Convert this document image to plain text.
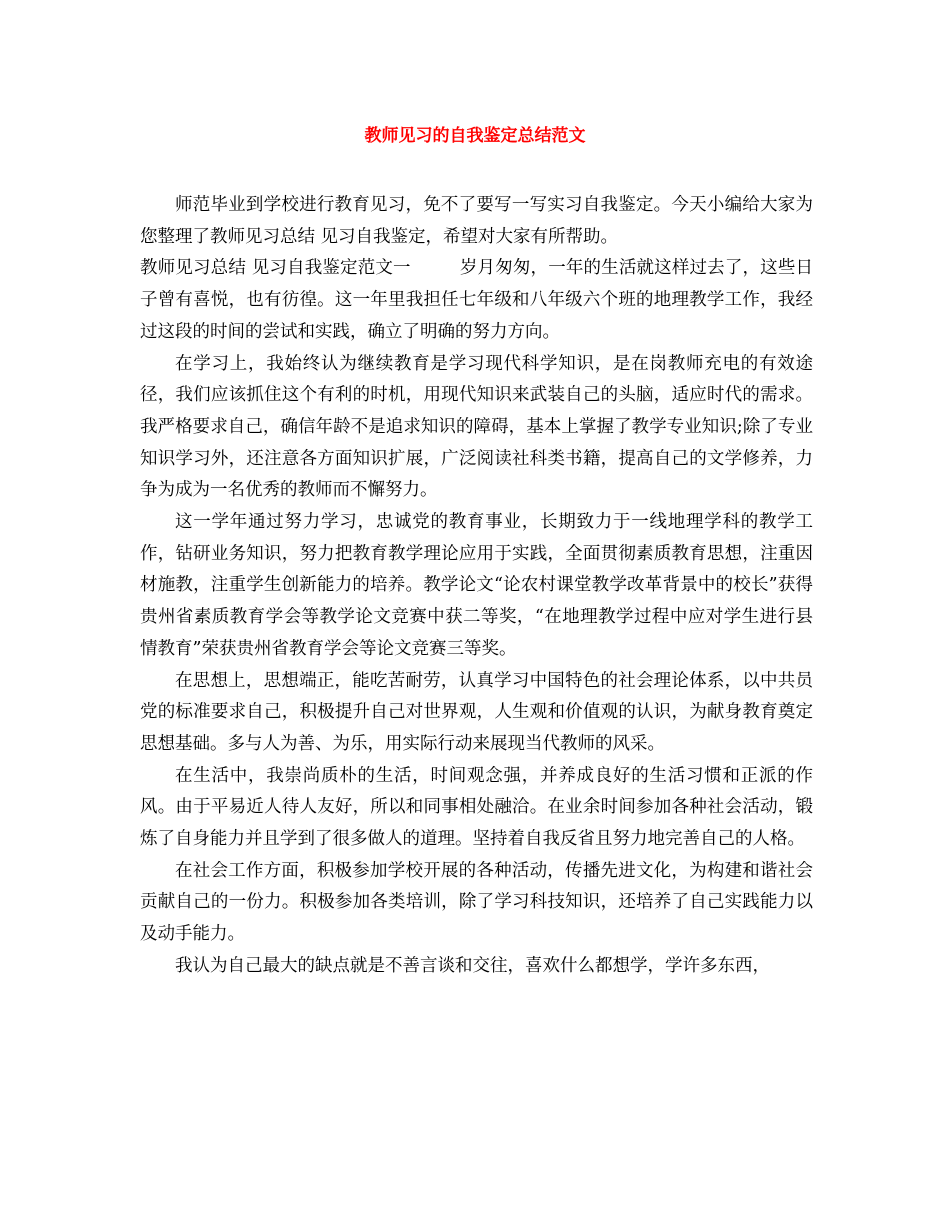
教师见习的自我鉴定总结范文

师范毕业到学校进行教育见习，免不了要写一写实习自我鉴定。今天小编给大家为您整理了教师见习总结 见习自我鉴定，希望对大家有所帮助。

教师见习总结 见习自我鉴定范文一	岁月匆匆，一年的生活就这样过去了，这些日子曾有喜悦，也有彷徨。这一年里我担任七年级和八年级六个班的地理教学工作，我经过这段的时间的尝试和实践，确立了明确的努力方向。

在学习上，我始终认为继续教育是学习现代科学知识，是在岗教师充电的有效途径，我们应该抓住这个有利的时机，用现代知识来武装自己的头脑，适应时代的需求。我严格要求自己，确信年龄不是追求知识的障碍，基本上掌握了教学专业知识;除了专业知识学习外，还注意各方面知识扩展，广泛阅读社科类书籍，提高自己的文学修养，力争为成为一名优秀的教师而不懈努力。

这一学年通过努力学习，忠诚党的教育事业，长期致力于一线地理学科的教学工作，钻研业务知识，努力把教育教学理论应用于实践，全面贯彻素质教育思想，注重因材施教，注重学生创新能力的培养。教学论文“论农村课堂教学改革背景中的校长”获得贵州省素质教育学会等教学论文竞赛中获二等奖，“在地理教学过程中应对学生进行县情教育”荣获贵州省教育学会等论文竞赛三等奖。

在思想上，思想端正，能吃苦耐劳，认真学习中国特色的社会理论体系，以中共员党的标准要求自己，积极提升自己对世界观，人生观和价值观的认识，为献身教育奠定思想基础。多与人为善、为乐，用实际行动来展现当代教师的风采。

在生活中，我崇尚质朴的生活，时间观念强，并养成良好的生活习惯和正派的作风。由于平易近人待人友好，所以和同事相处融洽。在业余时间参加各种社会活动，锻炼了自身能力并且学到了很多做人的道理。坚持着自我反省且努力地完善自己的人格。

在社会工作方面，积极参加学校开展的各种活动，传播先进文化，为构建和谐社会贡献自己的一份力。积极参加各类培训，除了学习科技知识，还培养了自己实践能力以及动手能力。

我认为自己最大的缺点就是不善言谈和交往，喜欢什么都想学，学许多东西，
